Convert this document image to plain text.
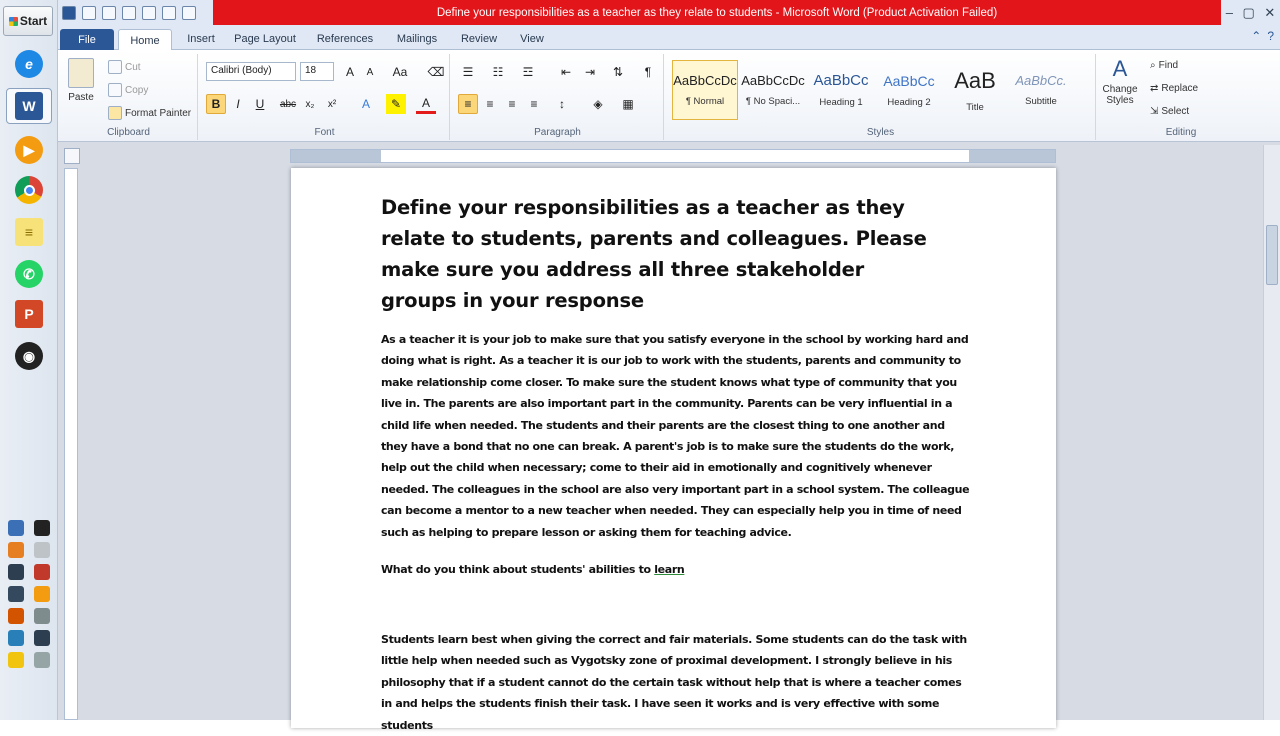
Start
e
W
▶
≡
✆
P
◉
Define your responsibilities as a teacher as they relate to students - Microsoft Word (Product Activation Failed)	– ▢ ✕
File	Home	Insert	Page Layout	References	Mailings	Review	View	⌃ ?
Paste
Cut
Copy
Format Painter
Clipboard
Calibri (Body)	18	A	A	Aa ⌫
B	I	U	abc x₂	x²	A	✎	A
Font
☰	☷	☲	⇤	⇥	⇅	¶
≡	≡	≡	≡	↕	◈	▦
Paragraph
AaBbCcDc
¶ Normal
AaBbCcDc
¶ No Spaci...
AaBbCc
Heading 1
AaBbCc
Heading 2
AaB
Title
AaBbCc.
Subtitle
Styles
A
Change Styles
⌕ Find
⇄ Replace
⇲ Select
Editing
Define your responsibilities as a teacher as they relate to students, parents and colleagues. Please make sure you address all three stakeholder groups in your response
As a teacher it is your job to make sure that you satisfy everyone in the school by working hard and doing what is right. As a teacher it is our job to work with the students, parents and community to make relationship come closer. To make sure the student knows what type of community that you live in. The parents are also important part in the community. Parents can be very influential in a child life when needed. The students and their parents are the closest thing to one another and they have a bond that no one can break. A parent's job is to make sure the students do the work, help out the child when necessary; come to their aid in emotionally and cognitively whenever needed. The colleagues in the school are also very important part in a school system. The colleague can become a mentor to a new teacher when needed. They can especially help you in time of need such as helping to prepare lesson or asking them for teaching advice.
What do you think about students' abilities to learn
Students learn best when giving the correct and fair materials. Some students can do the task with little help when needed such as Vygotsky zone of proximal development. I strongly believe in his philosophy that if a student cannot do the certain task without help that is where a teacher comes in and helps the students finish their task. I have seen it works and is very effective with some students
